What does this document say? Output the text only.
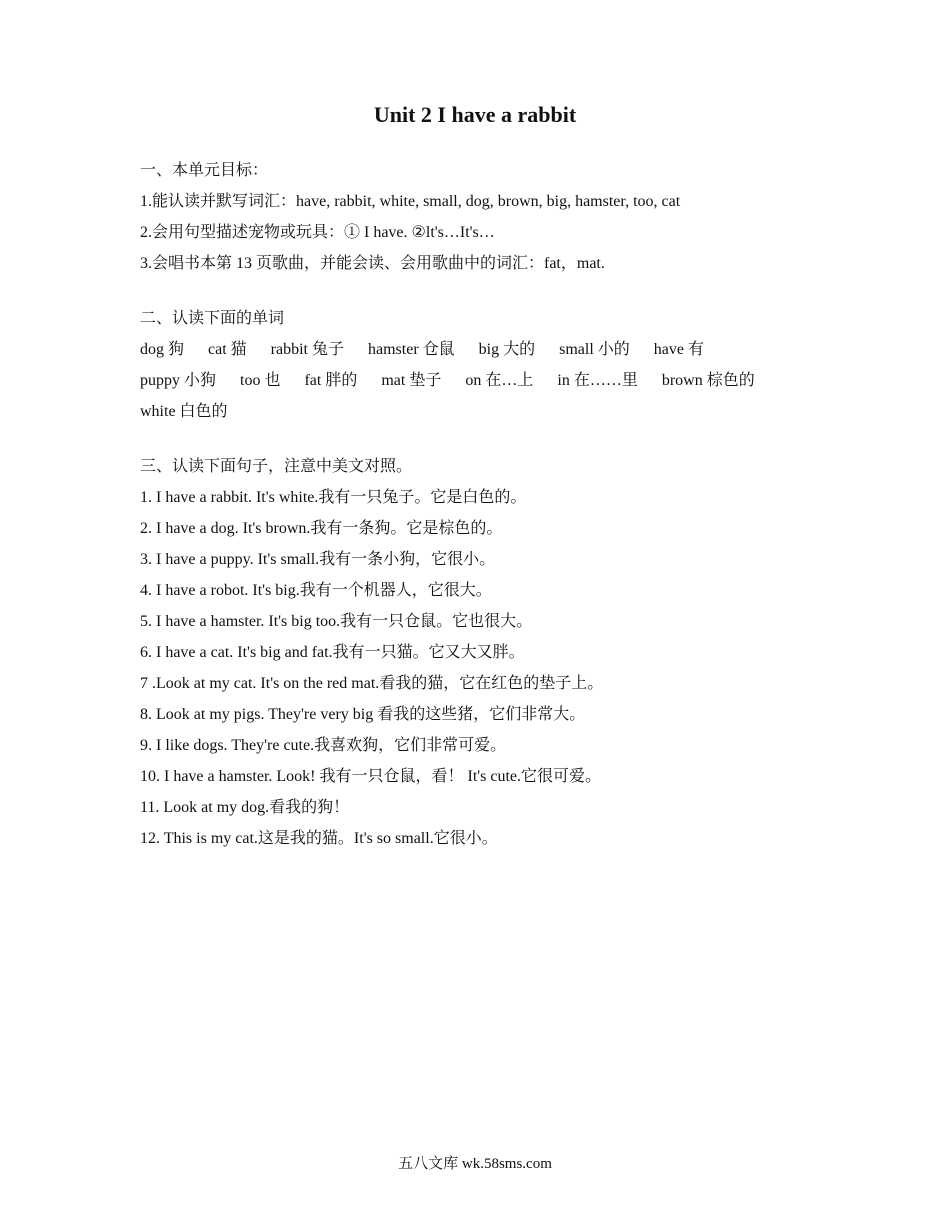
Unit 2 I have a rabbit
一、本单元目标：
1.能认读并默写词汇：have, rabbit, white, small, dog, brown, big, hamster, too, cat
2.会用句型描述宠物或玩具：① I have. ②lt's…It's…
3.会唱书本第 13 页歌曲，并能会读、会用歌曲中的词汇：fat，mat.
二、认读下面的单词
dog 狗 cat 猫 rabbit 兔子 hamster 仓鼠 big 大的 small 小的 have 有
puppy 小狗 too 也 fat 胖的 mat 垫子 on 在…上 in 在……里 brown 棕色的
white 白色的
三、认读下面句子，注意中美文对照。
1. I have a rabbit. It's white.我有一只兔子。它是白色的。
2. I have a dog. It's brown.我有一条狗。它是棕色的。
3. I have a puppy. It's small.我有一条小狗，它很小。
4. I have a robot. It's big.我有一个机器人，它很大。
5. I have a hamster. It's big too.我有一只仓鼠。它也很大。
6. I have a cat. It's big and fat.我有一只猫。它又大又胖。
7 .Look at my cat. It's on the red mat.看我的猫，它在红色的垫子上。
8. Look at my pigs. They're very big 看我的这些猪，它们非常大。
9. I like dogs. They're cute.我喜欢狗，它们非常可爱。
10. I have a hamster. Look! 我有一只仓鼠，看！ It's cute.它很可爱。
11. Look at my dog.看我的狗！
12. This is my cat.这是我的猫。It's so small.它很小。
五八文库 wk.58sms.com
